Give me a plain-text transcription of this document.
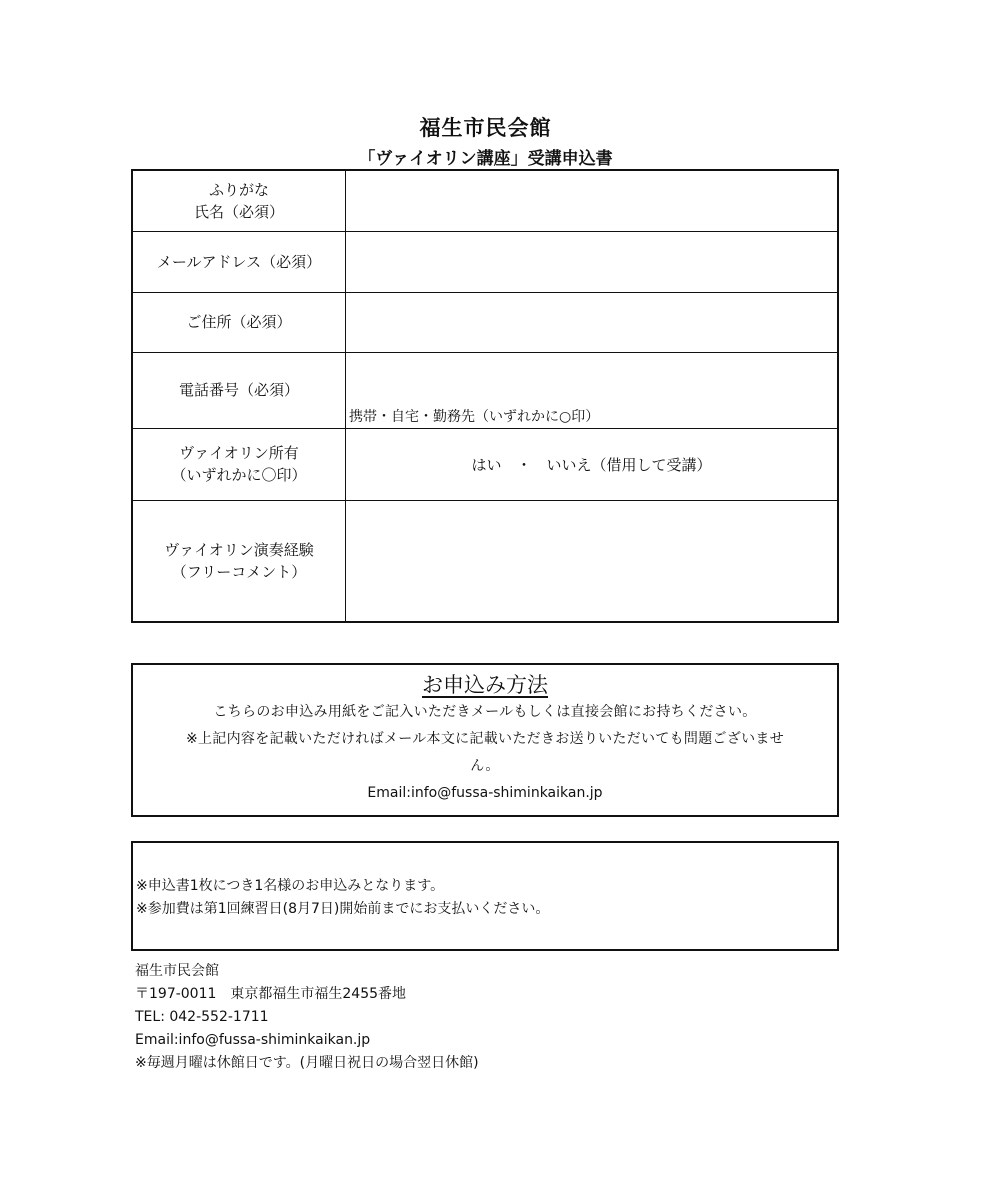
福生市民会館
「ヴァイオリン講座」受講申込書
ふりがな
氏名（必須）	

メールアドレス（必須）	
ご住所（必須）	
電話番号（必須）	携帯・自宅・勤務先（いずれかに○印）

ヴァイオリン所有
（いずれかに〇印）	はい　・　いいえ（借用して受講）

ヴァイオリン演奏経験
（フリーコメント）	

お申込み方法
こちらのお申込み用紙をご記入いただきメールもしくは直接会館にお持ちください。
※上記内容を記載いただければメール本文に記載いただきお送りいただいても問題ございませ
ん。
Email:info@fussa-shiminkaikan.jp
※申込書1枚につき1名様のお申込みとなります。
※参加費は第1回練習日(8月7日)開始前までにお支払いください。
福生市民会館
〒197-0011　東京都福生市福生2455番地
TEL: 042-552-1711
Email:info@fussa-shiminkaikan.jp
※毎週月曜は休館日です。(月曜日祝日の場合翌日休館)
